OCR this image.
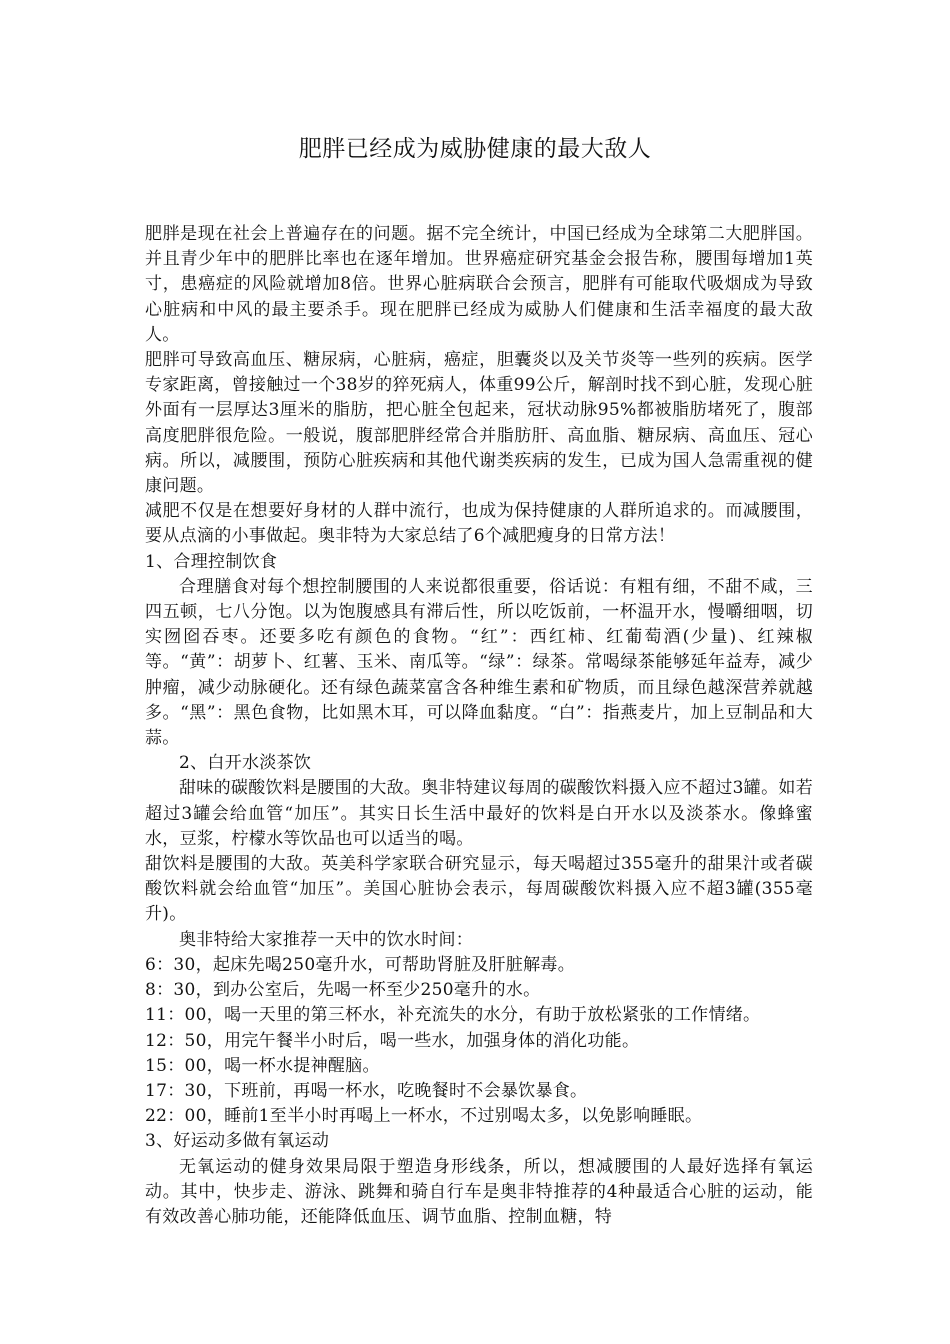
肥胖已经成为威胁健康的最大敌人

肥胖是现在社会上普遍存在的问题。据不完全统计，中国已经成为全球第二大肥胖国。并且青少年中的肥胖比率也在逐年增加。世界癌症研究基金会报告称，腰围每增加1英寸，患癌症的风险就增加8倍。世界心脏病联合会预言，肥胖有可能取代吸烟成为导致心脏病和中风的最主要杀手。现在肥胖已经成为威胁人们健康和生活幸福度的最大敌人。

肥胖可导致高血压、糖尿病，心脏病，癌症，胆囊炎以及关节炎等一些列的疾病。医学专家距离，曾接触过一个38岁的猝死病人，体重99公斤，解剖时找不到心脏，发现心脏外面有一层厚达3厘米的脂肪，把心脏全包起来，冠状动脉95%都被脂肪堵死了，腹部高度肥胖很危险。一般说，腹部肥胖经常合并脂肪肝、高血脂、糖尿病、高血压、冠心病。所以，减腰围，预防心脏疾病和其他代谢类疾病的发生，已成为国人急需重视的健康问题。

减肥不仅是在想要好身材的人群中流行，也成为保持健康的人群所追求的。而减腰围，要从点滴的小事做起。奥非特为大家总结了6个减肥瘦身的日常方法！

1、合理控制饮食

合理膳食对每个想控制腰围的人来说都很重要，俗话说：有粗有细，不甜不咸，三四五顿，七八分饱。以为饱腹感具有滞后性，所以吃饭前，一杯温开水，慢嚼细咽，切实囫囵吞枣。还要多吃有颜色的食物。“红”：西红柿、红葡萄酒(少量)、红辣椒等。“黄”：胡萝卜、红薯、玉米、南瓜等。“绿”：绿茶。常喝绿茶能够延年益寿，减少肿瘤，减少动脉硬化。还有绿色蔬菜富含各种维生素和矿物质，而且绿色越深营养就越多。“黑”：黑色食物，比如黑木耳，可以降血黏度。“白”：指燕麦片，加上豆制品和大蒜。

2、白开水淡茶饮

甜味的碳酸饮料是腰围的大敌。奥非特建议每周的碳酸饮料摄入应不超过3罐。如若超过3罐会给血管“加压”。其实日长生活中最好的饮料是白开水以及淡茶水。像蜂蜜水，豆浆，柠檬水等饮品也可以适当的喝。

甜饮料是腰围的大敌。英美科学家联合研究显示，每天喝超过355毫升的甜果汁或者碳酸饮料就会给血管“加压”。美国心脏协会表示，每周碳酸饮料摄入应不超3罐(355毫升)。

奥非特给大家推荐一天中的饮水时间：

6：30，起床先喝250毫升水，可帮助肾脏及肝脏解毒。

8：30，到办公室后，先喝一杯至少250毫升的水。

11：00，喝一天里的第三杯水，补充流失的水分，有助于放松紧张的工作情绪。

12：50，用完午餐半小时后，喝一些水，加强身体的消化功能。

15：00，喝一杯水提神醒脑。

17：30，下班前，再喝一杯水，吃晚餐时不会暴饮暴食。

22：00，睡前1至半小时再喝上一杯水，不过别喝太多，以免影响睡眠。

3、好运动多做有氧运动

无氧运动的健身效果局限于塑造身形线条，所以，想减腰围的人最好选择有氧运动。其中，快步走、游泳、跳舞和骑自行车是奥非特推荐的4种最适合心脏的运动，能有效改善心肺功能，还能降低血压、调节血脂、控制血糖，特
